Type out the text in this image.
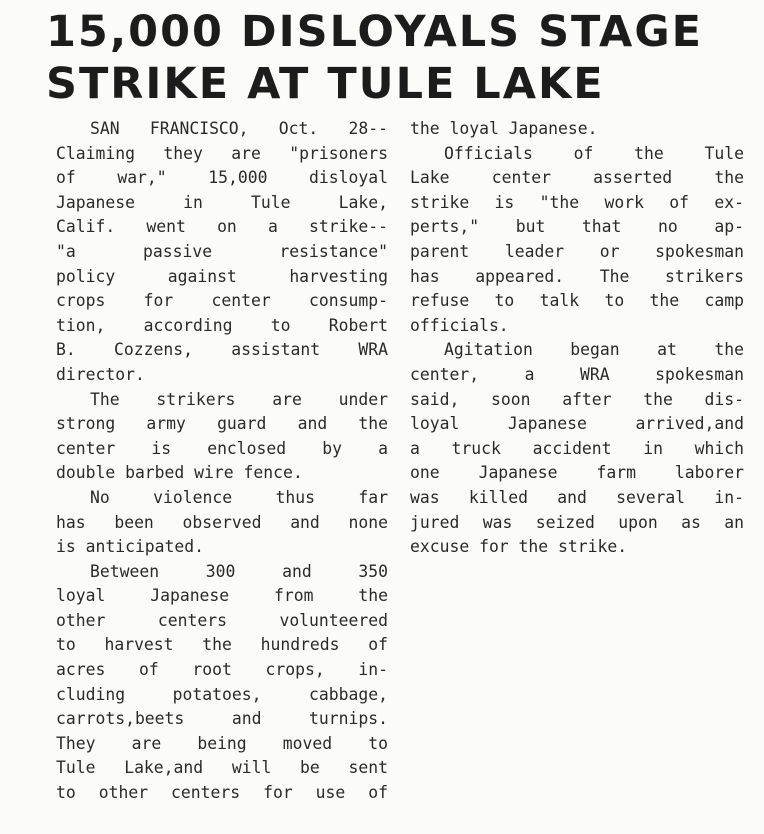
15,000 DISLOYALS STAGE
STRIKE AT TULE LAKE
SAN FRANCISCO, Oct. 28--
Claiming they are "prisoners
of war," 15,000 disloyal
Japanese in Tule Lake,
Calif. went on a strike--
"a passive resistance"
policy against harvesting
crops for center consump-
tion, according to Robert
B. Cozzens, assistant WRA
director.
The strikers are under
strong army guard and the
center is enclosed by a
double barbed wire fence.
No violence thus far
has been observed and none
is anticipated.
Between 300 and 350
loyal Japanese from the
other centers volunteered
to harvest the hundreds of
acres of root crops, in-
cluding potatoes, cabbage,
carrots,beets and turnips.
They are being moved to
Tule Lake,and will be sent
to other centers for use of
the loyal Japanese.
Officials of the Tule
Lake center asserted the
strike is "the work of ex-
perts," but that no ap-
parent leader or spokesman
has appeared. The strikers
refuse to talk to the camp
officials.
Agitation began at the
center, a WRA spokesman
said, soon after the dis-
loyal Japanese arrived,and
a truck accident in which
one Japanese farm laborer
was killed and several in-
jured was seized upon as an
excuse for the strike.
